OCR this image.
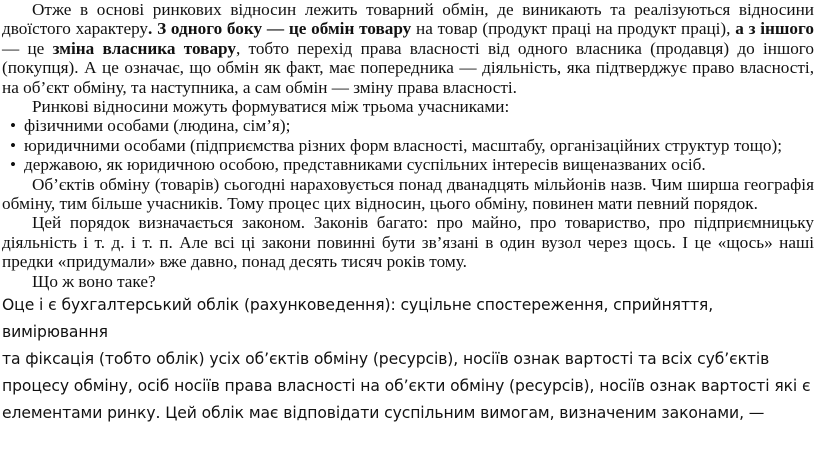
Отже в основі ринкових відносин лежить товарний обмін, де виникають та реалізуються відносини двоїстого характеру. З одного боку — це обмін товару на товар (продукт праці на продукт праці), а з іншого — це зміна власника товару, тобто перехід права власності від одного власника (продавця) до іншого (покупця). А це означає, що обмін як факт, має попередника — діяльність, яка підтверджує право власності, на об’єкт обміну, та наступника, а сам обмін — зміну права власності.

Ринкові відносини можуть формуватися між трьома учасниками:

• фізичними особами (людина, сім’я);

• юридичними особами (підприємства різних форм власності, масштабу, організаційних структур тощо);

• державою, як юридичною особою, представниками суспільних інтересів вищеназваних осіб.

Об’єктів обміну (товарів) сьогодні нараховується понад дванадцять мільйонів назв. Чим ширша географія обміну, тим більше учасників. Тому процес цих відносин, цього обміну, повинен мати певний порядок.

Цей порядок визначається законом. Законів багато: про майно, про товариство, про підприємницьку діяльність і т. д. і т. п. Але всі ці закони повинні бути зв’язані в один вузол через щось. І це «щось» наші предки «придумали» вже давно, понад десять тисяч років тому.

Що ж воно таке?

Оце і є бухгалтерський облік (рахунковедення): суцільне спостереження, сприйняття, вимірювання

та фіксація (тобто облік) усіх об’єктів обміну (ресурсів), носіїв ознак вартості та всіх суб’єктів

процесу обміну, осіб носіїв права власності на об’єкти обміну (ресурсів), носіїв ознак вартості які є

елементами ринку. Цей облік має відповідати суспільним вимогам, визначеним законами, —
